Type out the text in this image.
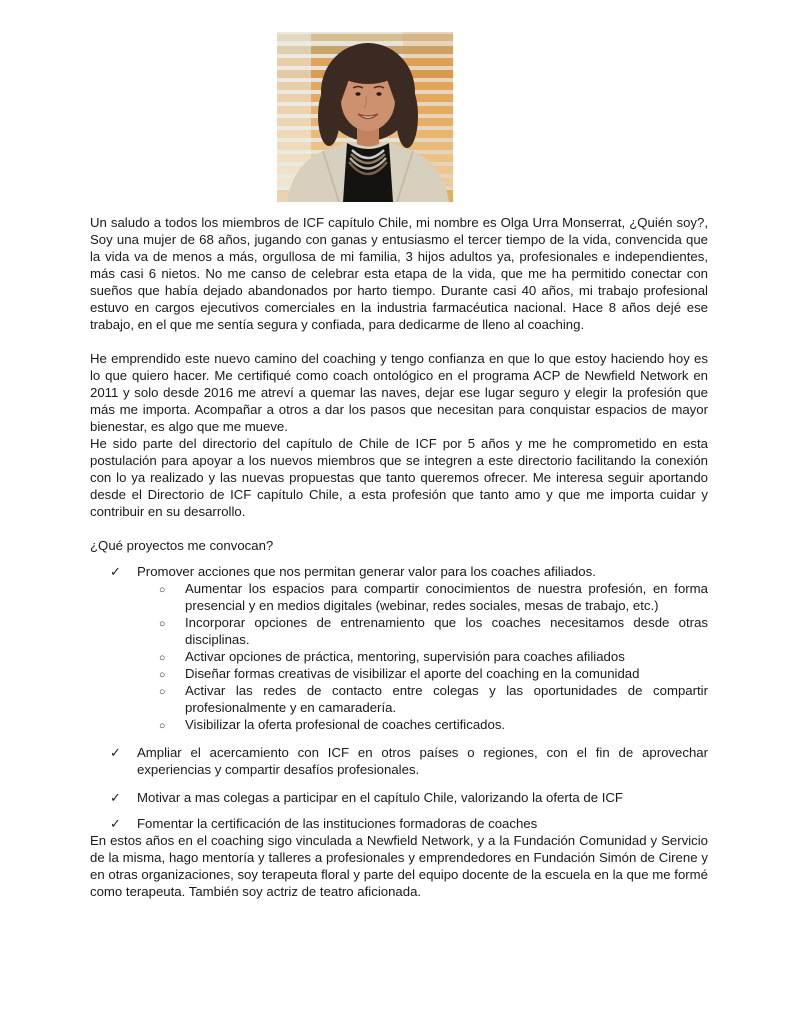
Un saludo a todos los miembros de ICF capítulo Chile, mi nombre es Olga Urra Monserrat, ¿Quién soy?, Soy una mujer de 68 años, jugando con ganas y entusiasmo el tercer tiempo de la vida, convencida que la vida va de menos a más, orgullosa de mi familia, 3 hijos adultos ya, profesionales e independientes, más casi 6 nietos. No me canso de celebrar esta etapa de la vida, que me ha permitido conectar con sueños que había dejado abandonados por harto tiempo. Durante casi 40 años, mi trabajo profesional estuvo en cargos ejecutivos comerciales en la industria farmacéutica nacional. Hace 8 años dejé ese trabajo, en el que me sentía segura y confiada, para dedicarme de lleno al coaching.

He emprendido este nuevo camino del coaching y tengo confianza en que lo que estoy haciendo hoy es lo que quiero hacer. Me certifiqué como coach ontológico en el programa ACP de Newfield Network en 2011 y solo desde 2016 me atreví a quemar las naves, dejar ese lugar seguro y elegir la profesión que más me importa. Acompañar a otros a dar los pasos que necesitan para conquistar espacios de mayor bienestar, es algo que me mueve.

He sido parte del directorio del capítulo de Chile de ICF por 5 años y me he comprometido en esta postulación para apoyar a los nuevos miembros que se integren a este directorio facilitando la conexión con lo ya realizado y las nuevas propuestas que tanto queremos ofrecer. Me interesa seguir aportando desde el Directorio de ICF capítulo Chile, a esta profesión que tanto amo y que me importa cuidar y contribuir en su desarrollo.

¿Qué proyectos me convocan?

✓ Promover acciones que nos permitan generar valor para los coaches afiliados.
○ Aumentar los espacios para compartir conocimientos de nuestra profesión, en forma presencial y en medios digitales (webinar, redes sociales, mesas de trabajo, etc.)
○ Incorporar opciones de entrenamiento que los coaches necesitamos desde otras disciplinas.
○ Activar opciones de práctica, mentoring, supervisión para coaches afiliados
○ Diseñar formas creativas de visibilizar el aporte del coaching en la comunidad
○ Activar las redes de contacto entre colegas y las oportunidades de compartir profesionalmente y en camaradería.
○ Visibilizar la oferta profesional de coaches certificados.
✓ Ampliar el acercamiento con ICF en otros países o regiones, con el fin de aprovechar experiencias y compartir desafíos profesionales.
✓ Motivar a mas colegas a participar en el capítulo Chile, valorizando la oferta de ICF
✓ Fomentar la certificación de las instituciones formadoras de coaches

En estos años en el coaching sigo vinculada a Newfield Network, y a la Fundación Comunidad y Servicio de la misma, hago mentoría y talleres a profesionales y emprendedores en Fundación Simón de Cirene y en otras organizaciones, soy terapeuta floral y parte del equipo docente de la escuela en la que me formé como terapeuta. También soy actriz de teatro aficionada.
